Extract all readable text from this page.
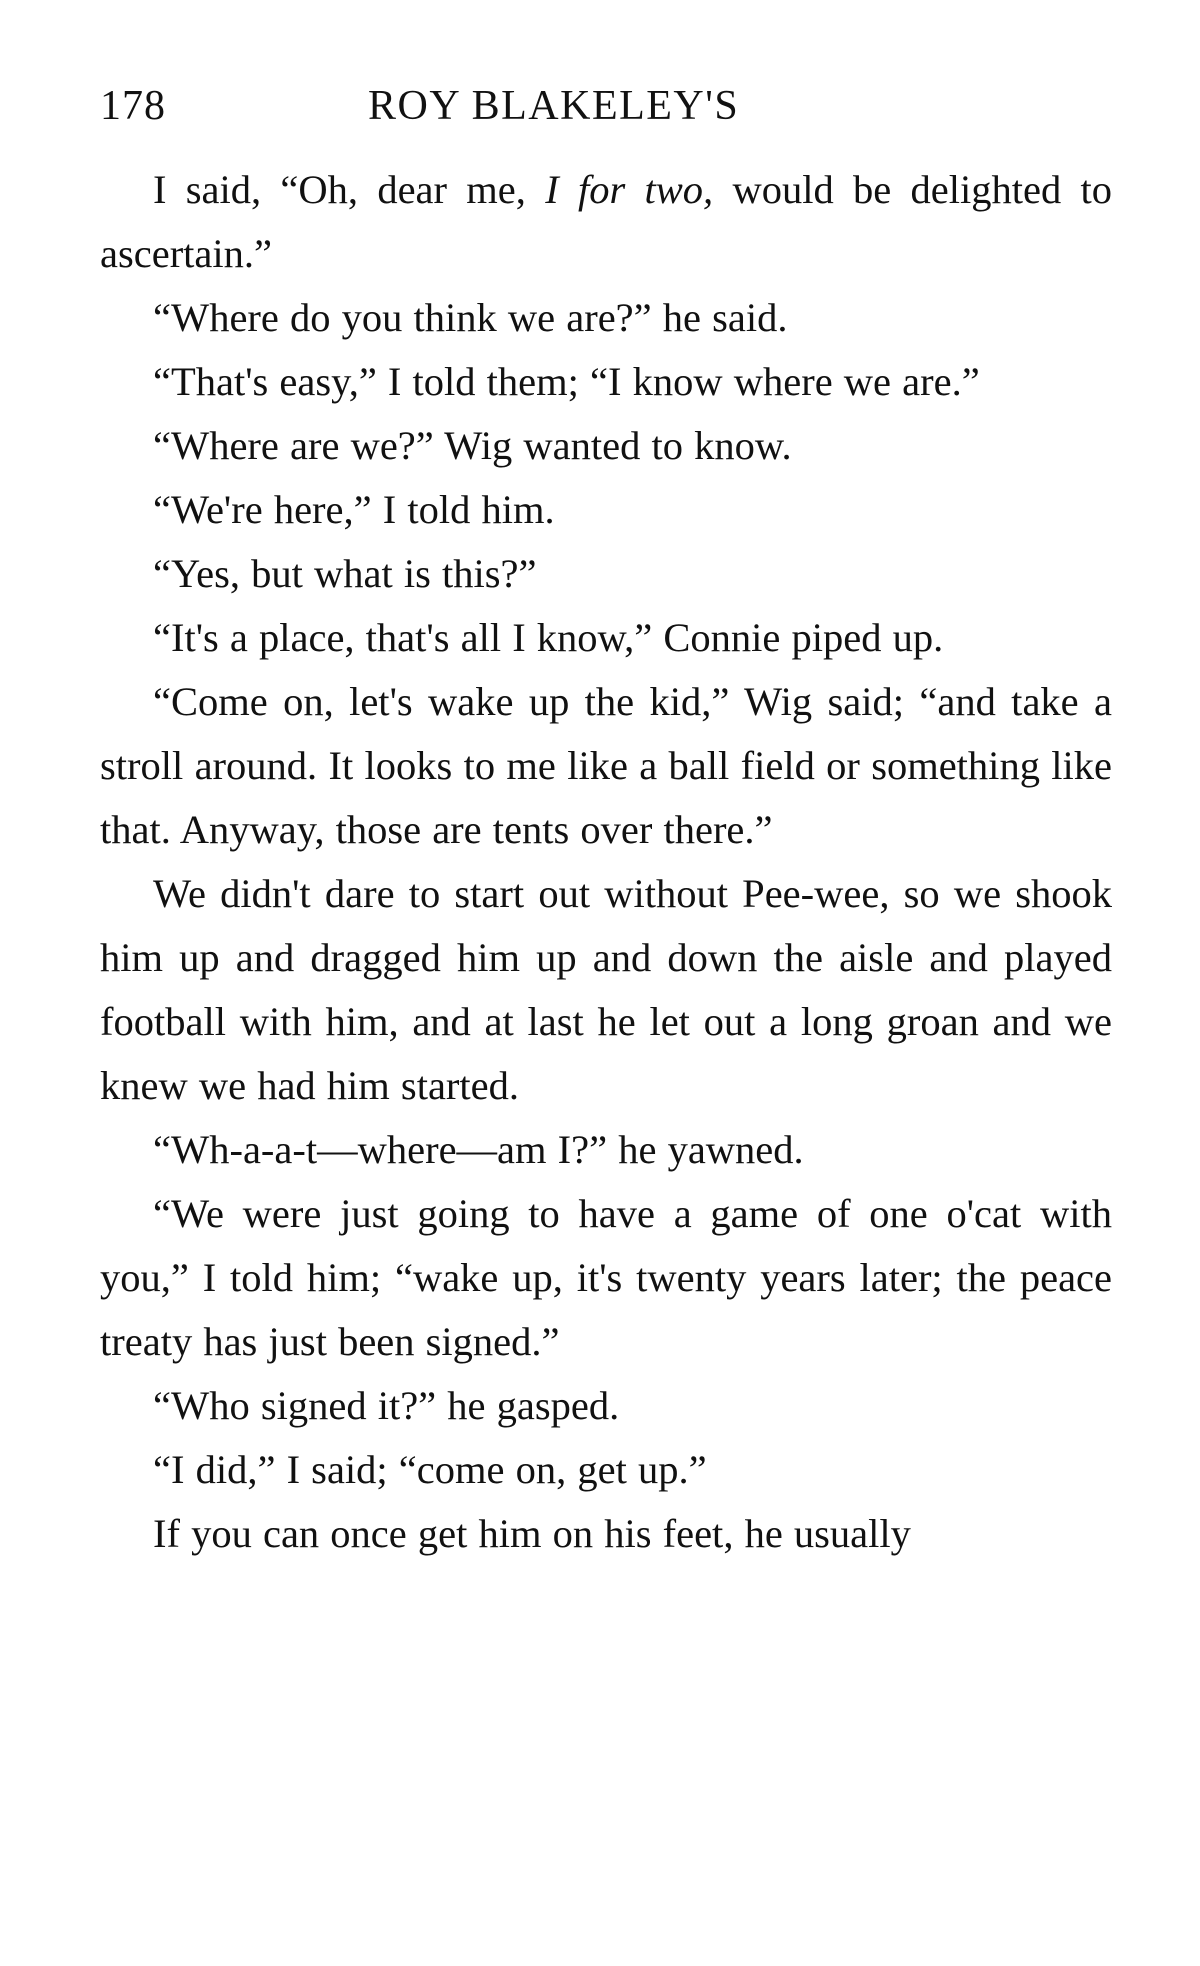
178	ROY BLAKELEY'S

I said, “Oh, dear me, I for two, would be delighted to ascertain.”

“Where do you think we are?” he said.

“That's easy,” I told them; “I know where we are.”

“Where are we?” Wig wanted to know.

“We're here,” I told him.

“Yes, but what is this?”

“It's a place, that's all I know,” Connie piped up.

“Come on, let's wake up the kid,” Wig said; “and take a stroll around. It looks to me like a ball field or something like that. Anyway, those are tents over there.”

We didn't dare to start out without Pee-wee, so we shook him up and dragged him up and down the aisle and played football with him, and at last he let out a long groan and we knew we had him started.

“Wh-a-a-t—where—am I?” he yawned.

“We were just going to have a game of one o'cat with you,” I told him; “wake up, it's twenty years later; the peace treaty has just been signed.”

“Who signed it?” he gasped.

“I did,” I said; “come on, get up.”

If you can once get him on his feet, he usually
